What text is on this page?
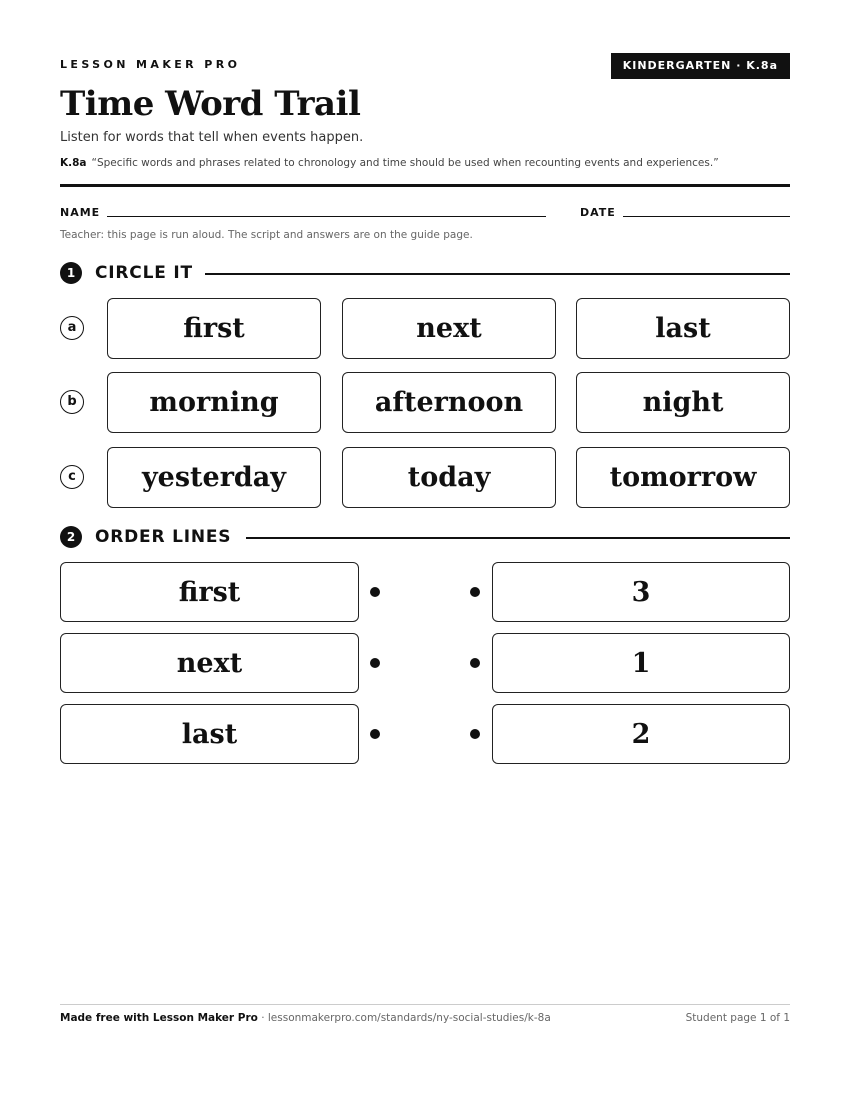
LESSON MAKER PRO	KINDERGARTEN · K.8a
Time Word Trail
Listen for words that tell when events happen.
K.8a “Specific words and phrases related to chronology and time should be used when recounting events and experiences.”
NAME	DATE
Teacher: this page is run aloud. The script and answers are on the guide page.
1	CIRCLE IT
a	first	next	last
b	morning	afternoon	night
c	yesterday	today	tomorrow
2	ORDER LINES
first	3
next	1
last	2
Made free with Lesson Maker Pro · lessonmakerpro.com/standards/ny-social-studies/k-8a	Student page 1 of 1
